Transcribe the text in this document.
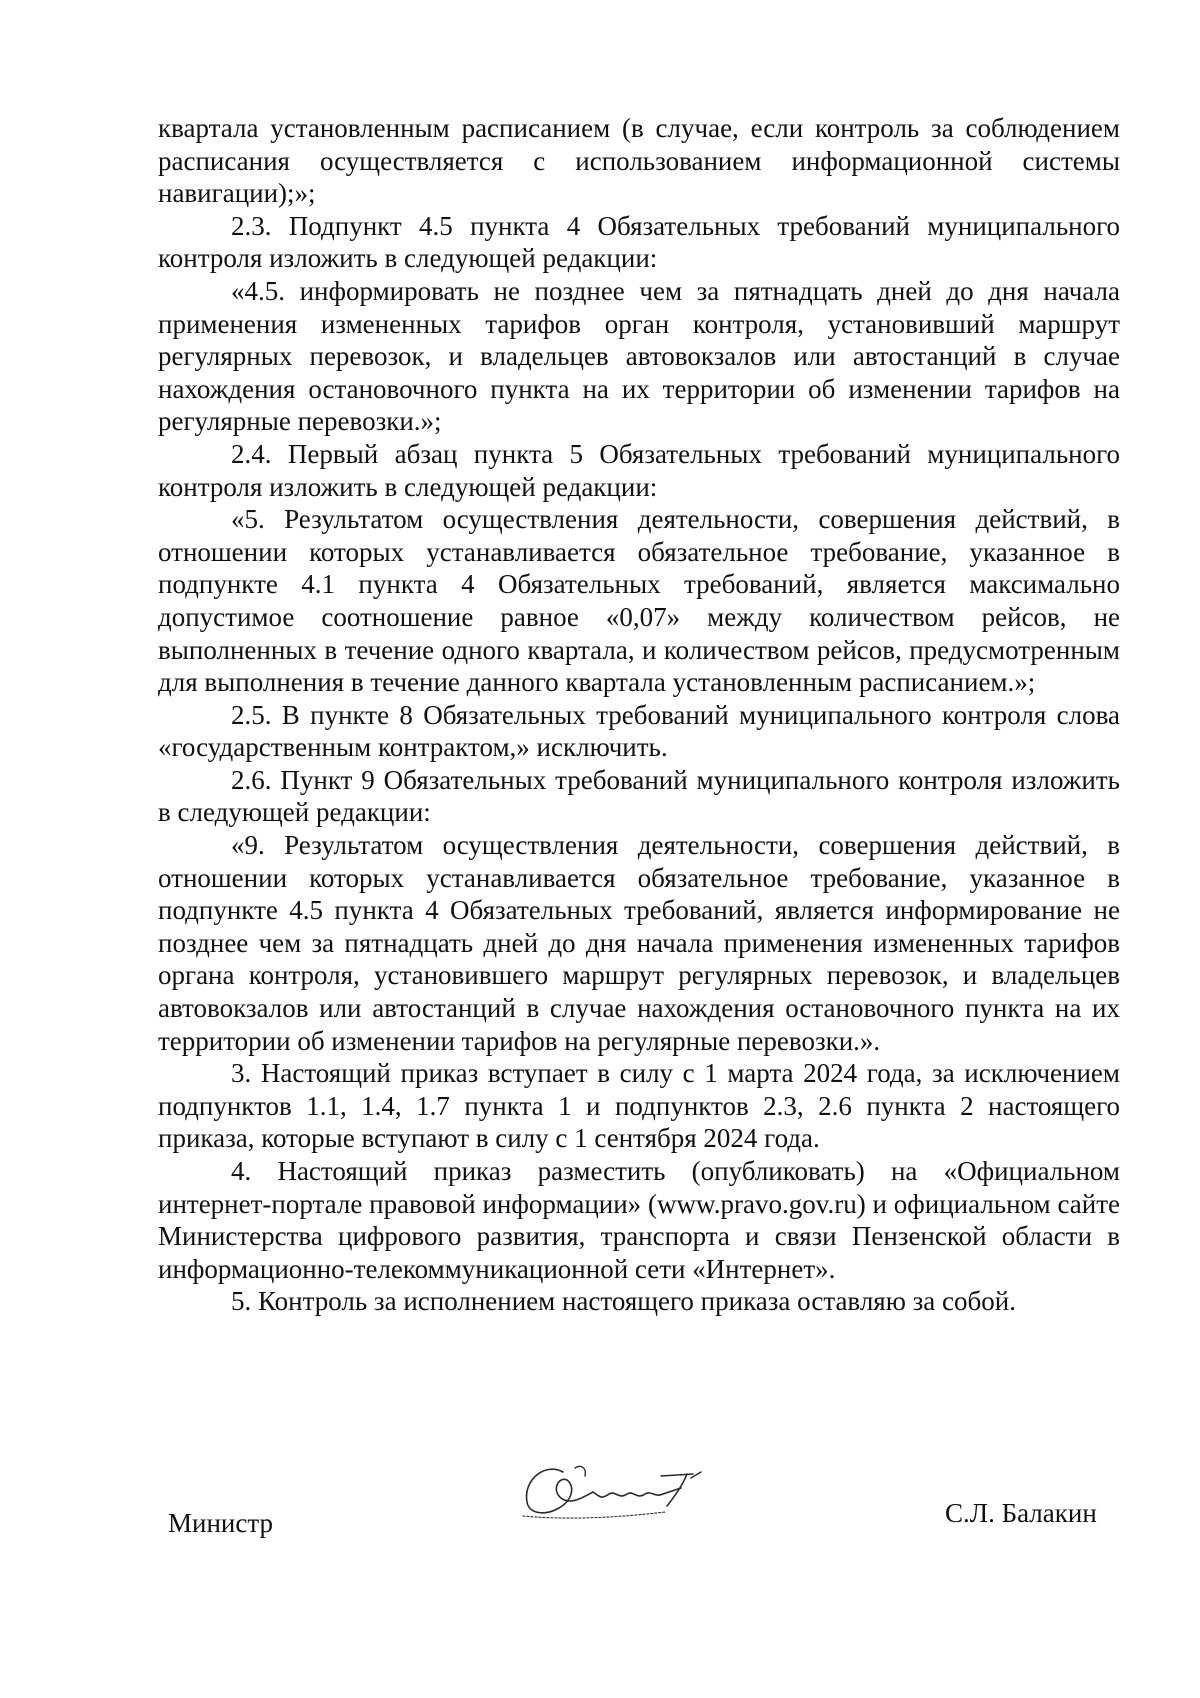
квартала установленным расписанием (в случае, если контроль за соблюдением расписания осуществляется с использованием информационной системы навигации);»;

2.3. Подпункт 4.5 пункта 4 Обязательных требований муниципального контроля изложить в следующей редакции:

«4.5. информировать не позднее чем за пятнадцать дней до дня начала применения измененных тарифов орган контроля, установивший маршрут регулярных перевозок, и владельцев автовокзалов или автостанций в случае нахождения остановочного пункта на их территории об изменении тарифов на регулярные перевозки.»;

2.4. Первый абзац пункта 5 Обязательных требований муниципального контроля изложить в следующей редакции:

«5. Результатом осуществления деятельности, совершения действий, в отношении которых устанавливается обязательное требование, указанное в подпункте 4.1 пункта 4 Обязательных требований, является максимально допустимое соотношение равное «0,07» между количеством рейсов, не выполненных в течение одного квартала, и количеством рейсов, предусмотренным для выполнения в течение данного квартала установленным расписанием.»;

2.5. В пункте 8 Обязательных требований муниципального контроля слова «государственным контрактом,» исключить.

2.6. Пункт 9 Обязательных требований муниципального контроля изложить в следующей редакции:

«9. Результатом осуществления деятельности, совершения действий, в отношении которых устанавливается обязательное требование, указанное в подпункте 4.5 пункта 4 Обязательных требований, является информирование не позднее чем за пятнадцать дней до дня начала применения измененных тарифов органа контроля, установившего маршрут регулярных перевозок, и владельцев автовокзалов или автостанций в случае нахождения остановочного пункта на их территории об изменении тарифов на регулярные перевозки.».

3. Настоящий приказ вступает в силу с 1 марта 2024 года, за исключением подпунктов 1.1, 1.4, 1.7 пункта 1 и подпунктов 2.3, 2.6 пункта 2 настоящего приказа, которые вступают в силу с 1 сентября 2024 года.

4. Настоящий приказ разместить (опубликовать) на «Официальном интернет-портале правовой информации» (www.pravo.gov.ru) и официальном сайте Министерства цифрового развития, транспорта и связи Пензенской области в информационно-телекоммуникационной сети «Интернет».

5. Контроль за исполнением настоящего приказа оставляю за собой.

Министр	С.Л. Балакин
